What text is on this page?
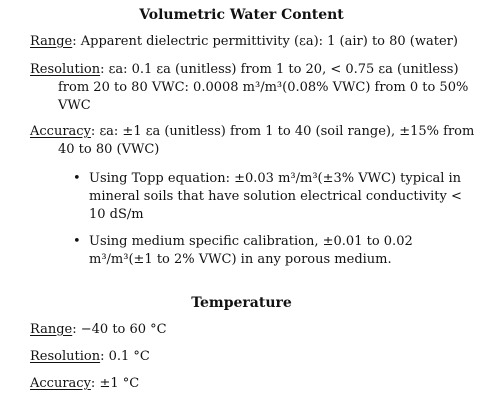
Volumetric Water Content
Range: Apparent dielectric permittivity (εa): 1 (air) to 80 (water)
Resolution: εa: 0.1 εa (unitless) from 1 to 20, < 0.75 εa (unitless) from 20 to 80 VWC: 0.0008 m³/m³(0.08% VWC) from 0 to 50% VWC
Accuracy: εa: ±1 εa (unitless) from 1 to 40 (soil range), ±15% from 40 to 80 (VWC)
• Using Topp equation: ±0.03 m³/m³(±3% VWC) typical in mineral soils that have solution electrical conductivity < 10 dS/m
• Using medium specific calibration, ±0.01 to 0.02 m³/m³(±1 to 2% VWC) in any porous medium.
Temperature
Range: −40 to 60 °C
Resolution: 0.1 °C
Accuracy: ±1 °C
